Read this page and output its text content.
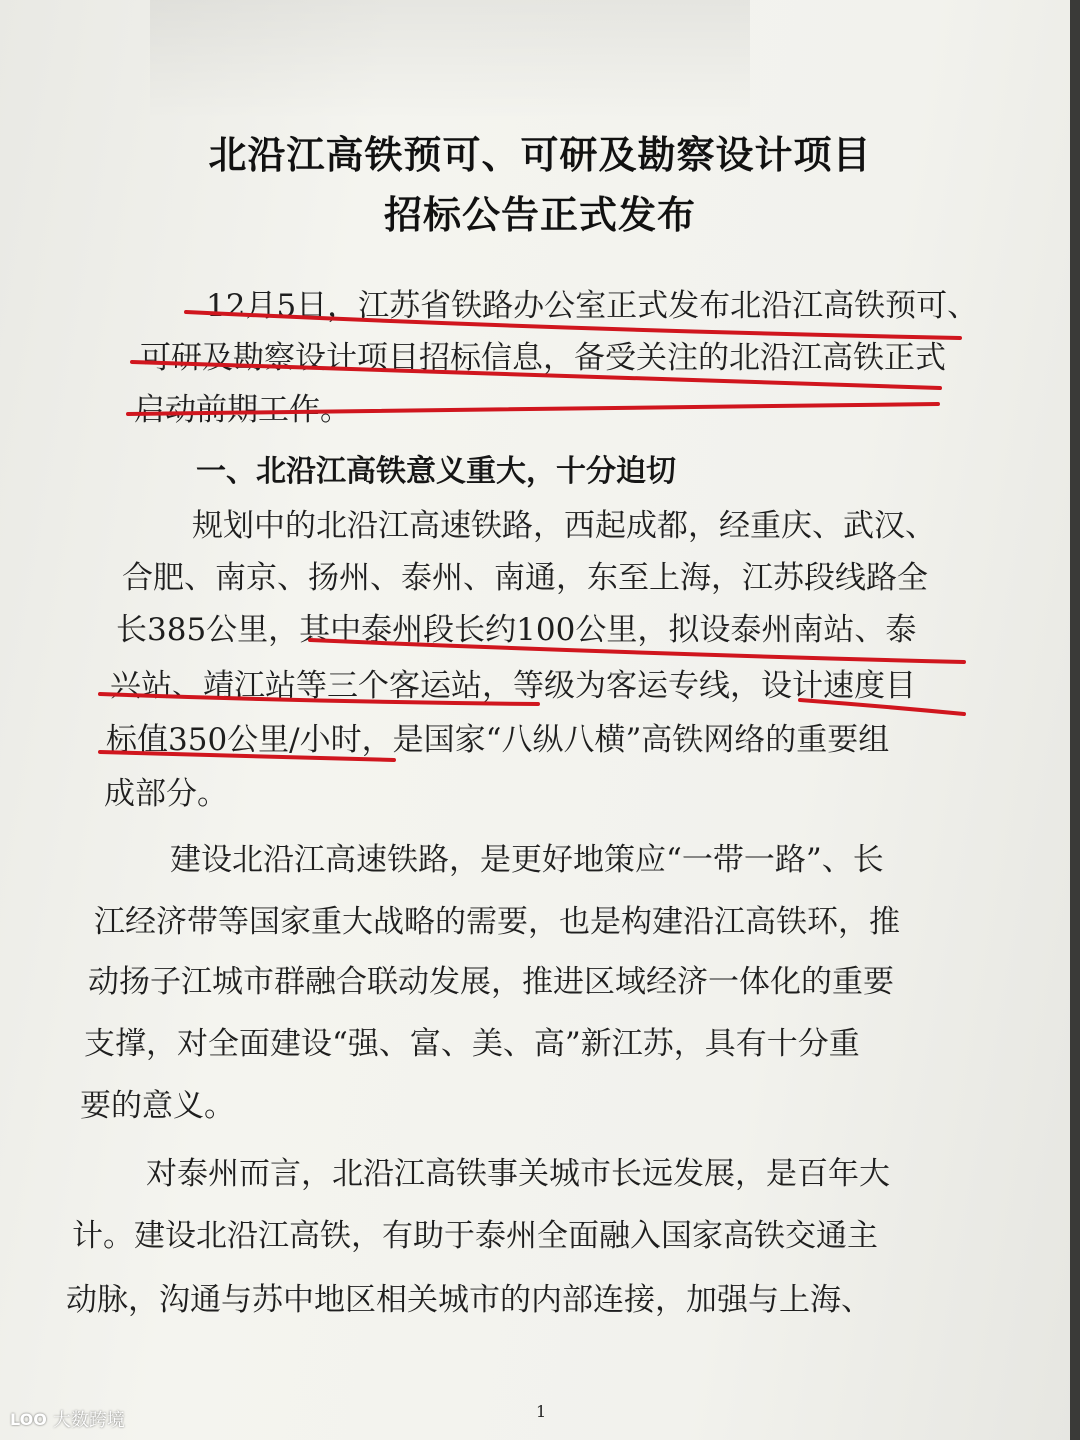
北沿江高铁预可、可研及勘察设计项目
招标公告正式发布
12月5日，江苏省铁路办公室正式发布北沿江高铁预可、
可研及勘察设计项目招标信息，备受关注的北沿江高铁正式
启动前期工作。
一、北沿江高铁意义重大，十分迫切
规划中的北沿江高速铁路，西起成都，经重庆、武汉、
合肥、南京、扬州、泰州、南通，东至上海，江苏段线路全
长385公里，其中泰州段长约100公里，拟设泰州南站、泰
兴站、靖江站等三个客运站，等级为客运专线，设计速度目
标值350公里/小时，是国家“八纵八横”高铁网络的重要组
成部分。
建设北沿江高速铁路，是更好地策应“一带一路”、长
江经济带等国家重大战略的需要，也是构建沿江高铁环，推
动扬子江城市群融合联动发展，推进区域经济一体化的重要
支撑，对全面建设“强、富、美、高”新江苏，具有十分重
要的意义。
对泰州而言，北沿江高铁事关城市长远发展，是百年大
计。建设北沿江高铁，有助于泰州全面融入国家高铁交通主
动脉，沟通与苏中地区相关城市的内部连接，加强与上海、
1
LOO 大数跨境
